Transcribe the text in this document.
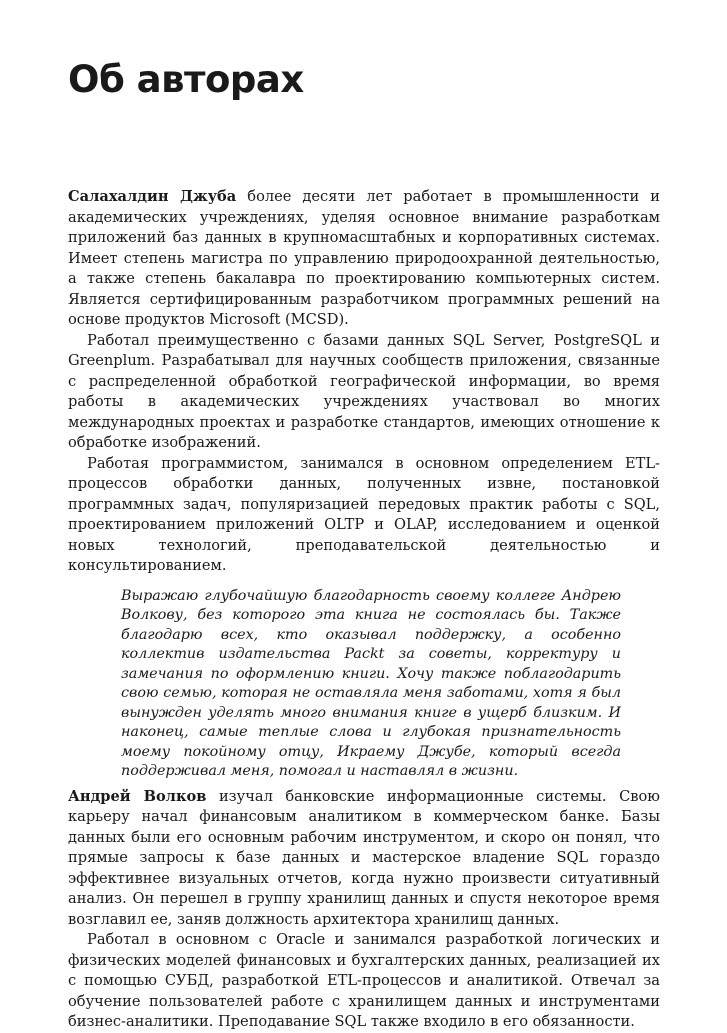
Об авторах

Салахалдин Джуба более десяти лет работает в промышленности и академических учреждениях, уделяя основное внимание разработкам приложений баз данных в крупномасштабных и корпоративных системах. Имеет степень магистра по управлению природоохранной деятельностью, а также степень бакалавра по проектированию компьютерных систем. Является сертифицированным разработчиком программных решений на основе продуктов Microsoft (MCSD).

Работал преимущественно с базами данных SQL Server, PostgreSQL и Greenplum. Разрабатывал для научных сообществ приложения, связанные с распределенной обработкой географической информации, во время работы в академических учреждениях участвовал во многих международных проектах и разработке стандартов, имеющих отношение к обработке изображений.

Работая программистом, занимался в основном определением ETL-процессов обработки данных, полученных извне, постановкой программных задач, популяризацией передовых практик работы с SQL, проектированием приложений OLTP и OLAP, исследованием и оценкой новых технологий, преподавательской деятельностью и консультированием.

Выражаю глубочайшую благодарность своему коллеге Андрею Волкову, без которого эта книга не состоялась бы. Также благодарю всех, кто оказывал поддержку, а особенно коллектив издательства Packt за советы, корректуру и замечания по оформлению книги. Хочу также поблагодарить свою семью, которая не оставляла меня заботами, хотя я был вынужден уделять много внимания книге в ущерб близким. И наконец, самые теплые слова и глубокая признательность моему покойному отцу, Икраему Джубе, который всегда поддерживал меня, помогал и наставлял в жизни.

Андрей Волков изучал банковские информационные системы. Свою карьеру начал финансовым аналитиком в коммерческом банке. Базы данных были его основным рабочим инструментом, и скоро он понял, что прямые запросы к базе данных и мастерское владение SQL гораздо эффективнее визуальных отчетов, когда нужно произвести ситуативный анализ. Он перешел в группу хранилищ данных и спустя некоторое время возглавил ее, заняв должность архитектора хранилищ данных.

Работал в основном с Oracle и занимался разработкой логических и физических моделей финансовых и бухгалтерских данных, реализацией их с помощью СУБД, разработкой ETL-процессов и аналитикой. Отвечал за обучение пользователей работе с хранилищем данных и инструментами бизнес-аналитики. Преподавание SQL также входило в его обязанности.
